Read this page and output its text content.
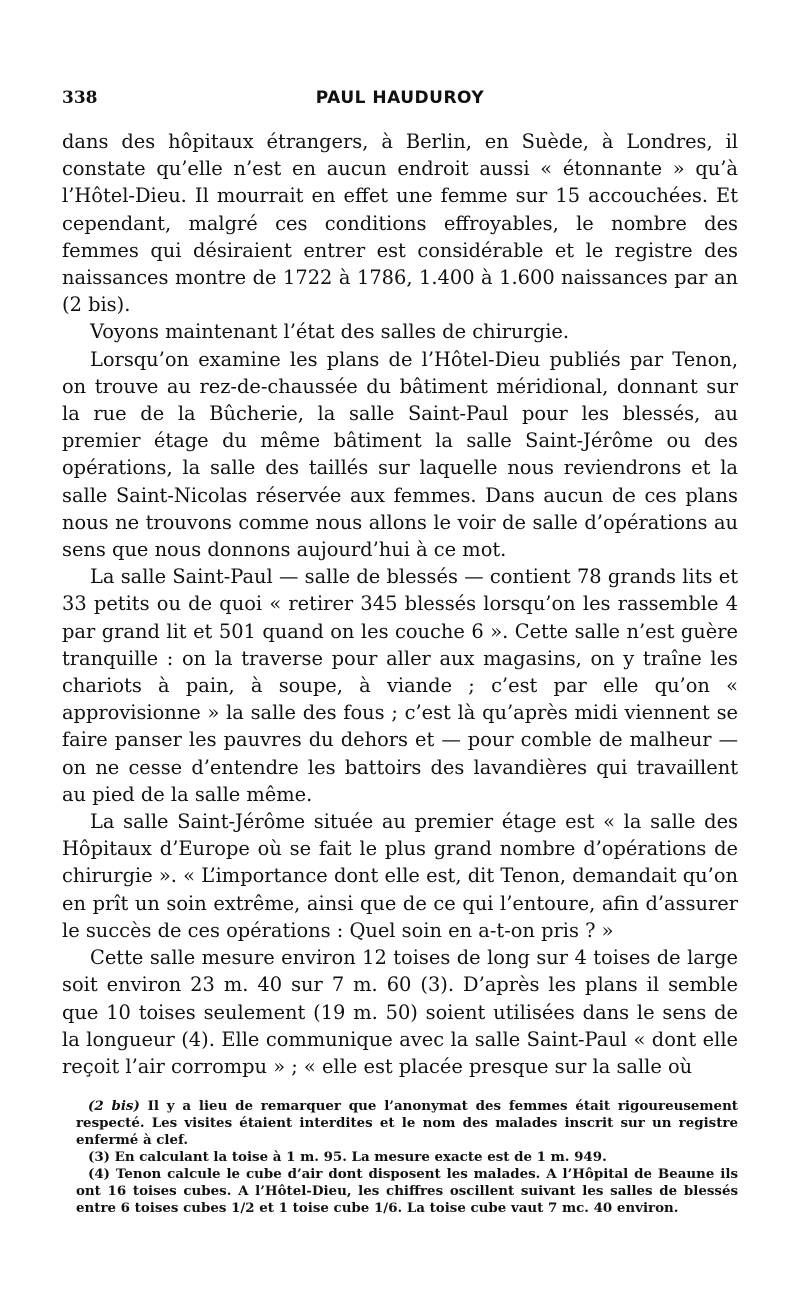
338	PAUL HAUDUROY

dans des hôpitaux étrangers, à Berlin, en Suède, à Londres, il constate qu’elle n’est en aucun endroit aussi « étonnante » qu’à l’Hôtel-Dieu. Il mourrait en effet une femme sur 15 accouchées. Et cependant, malgré ces conditions effroyables, le nombre des femmes qui désiraient entrer est considérable et le registre des naissances montre de 1722 à 1786, 1.400 à 1.600 naissances par an (2 bis).

Voyons maintenant l’état des salles de chirurgie.

Lorsqu’on examine les plans de l’Hôtel-Dieu publiés par Tenon, on trouve au rez-de-chaussée du bâtiment méridional, donnant sur la rue de la Bûcherie, la salle Saint-Paul pour les blessés, au premier étage du même bâtiment la salle Saint-Jérôme ou des opérations, la salle des taillés sur laquelle nous reviendrons et la salle Saint-Nicolas réservée aux femmes. Dans aucun de ces plans nous ne trouvons comme nous allons le voir de salle d’opérations au sens que nous donnons aujourd’hui à ce mot.

La salle Saint-Paul — salle de blessés — contient 78 grands lits et 33 petits ou de quoi « retirer 345 blessés lorsqu’on les rassemble 4 par grand lit et 501 quand on les couche 6 ». Cette salle n’est guère tranquille : on la traverse pour aller aux magasins, on y traîne les chariots à pain, à soupe, à viande ; c’est par elle qu’on « approvisionne » la salle des fous ; c’est là qu’après midi viennent se faire panser les pauvres du dehors et — pour comble de malheur — on ne cesse d’entendre les battoirs des lavandières qui travaillent au pied de la salle même.

La salle Saint-Jérôme située au premier étage est « la salle des Hôpitaux d’Europe où se fait le plus grand nombre d’opérations de chirurgie ». « L’importance dont elle est, dit Tenon, demandait qu’on en prît un soin extrême, ainsi que de ce qui l’entoure, afin d’assurer le succès de ces opérations : Quel soin en a-t-on pris ? »

Cette salle mesure environ 12 toises de long sur 4 toises de large soit environ 23 m. 40 sur 7 m. 60 (3). D’après les plans il semble que 10 toises seulement (19 m. 50) soient utilisées dans le sens de la longueur (4). Elle communique avec la salle Saint-Paul « dont elle reçoit l’air corrompu » ; « elle est placée presque sur la salle où

(2 bis) Il y a lieu de remarquer que l’anonymat des femmes était rigoureusement respecté. Les visites étaient interdites et le nom des malades inscrit sur un registre enfermé à clef.

(3) En calculant la toise à 1 m. 95. La mesure exacte est de 1 m. 949.

(4) Tenon calcule le cube d’air dont disposent les malades. A l’Hôpital de Beaune ils ont 16 toises cubes. A l’Hôtel-Dieu, les chiffres oscillent suivant les salles de blessés entre 6 toises cubes 1/2 et 1 toise cube 1/6. La toise cube vaut 7 mc. 40 environ.
